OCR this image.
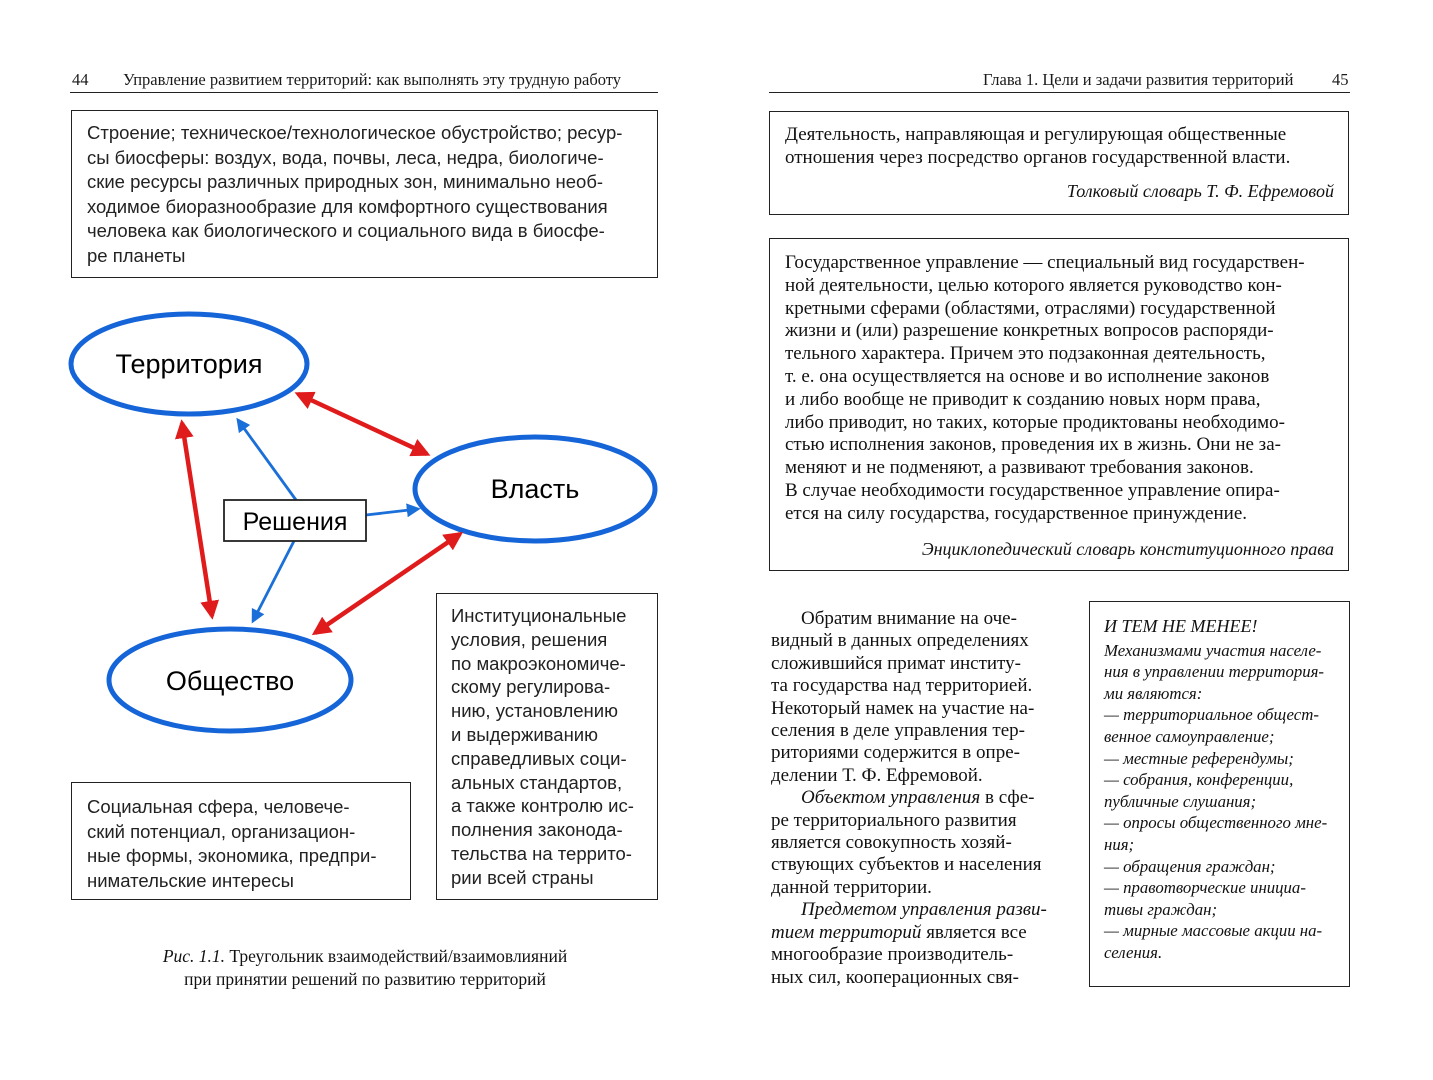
44 Управление развитием территорий: как выполнять эту трудную работу

Строение; техническое/технологическое обустройство; ресур-

сы биосферы: воздух, вода, почвы, леса, недра, биологиче-

ские ресурсы различных природных зон, минимально необ-

ходимое биоразнообразие для комфортного существования

человека как биологического и социального вида в биосфе-

ре планеты

Территория
Власть
Общество
Решения

Социальная сфера, человече-

ский потенциал, организацион-

ные формы, экономика, предпри-

нимательские интересы

Институциональные

условия, решения

по макроэкономиче-

скому регулирова-

нию, установлению

и выдерживанию

справедливых соци-

альных стандартов,

а также контролю ис-

полнения законода-

тельства на террито-

рии всей страны

Рис. 1.1. Треугольник взаимодействий/взаимовлияний
при принятии решений по развитию территорий
Глава 1. Цели и задачи развития территорий 45

Деятельность, направляющая и регулирующая общественные

отношения через посредство органов государственной власти.

Толковый словарь Т. Ф. Ефремовой

Государственное управление — специальный вид государствен-

ной деятельности, целью которого является руководство кон-

кретными сферами (областями, отраслями) государственной

жизни и (или) разрешение конкретных вопросов распоряди-

тельного характера. Причем это подзаконная деятельность,

т. е. она осуществляется на основе и во исполнение законов

и либо вообще не приводит к созданию новых норм права,

либо приводит, но таких, которые продиктованы необходимо-

стью исполнения законов, проведения их в жизнь. Они не за-

меняют и не подменяют, а развивают требования законов.

В случае необходимости государственное управление опира-

ется на силу государства, государственное принуждение.

Энциклопедический словарь конституционного права

Обратим внимание на оче-

видный в данных определениях

сложившийся примат институ-

та государства над территорией.

Некоторый намек на участие на-

селения в деле управления тер-

риториями содержится в опре-

делении Т. Ф. Ефремовой.

Объектом управления в сфе-

ре территориального развития

является совокупность хозяй-

ствующих субъектов и населения

данной территории.

Предметом управления разви-

тием территорий является все

многообразие производитель-

ных сил, кооперационных свя-

И ТЕМ НЕ МЕНЕЕ!
Механизмами участия населе-
ния в управлении территория-
ми являются:
— территориальное общест-
венное самоуправление;
— местные референдумы;
— собрания, конференции,
публичные слушания;
— опросы общественного мне-
ния;
— обращения граждан;
— правотворческие инициа-
тивы граждан;
— мирные массовые акции на-
селения.
